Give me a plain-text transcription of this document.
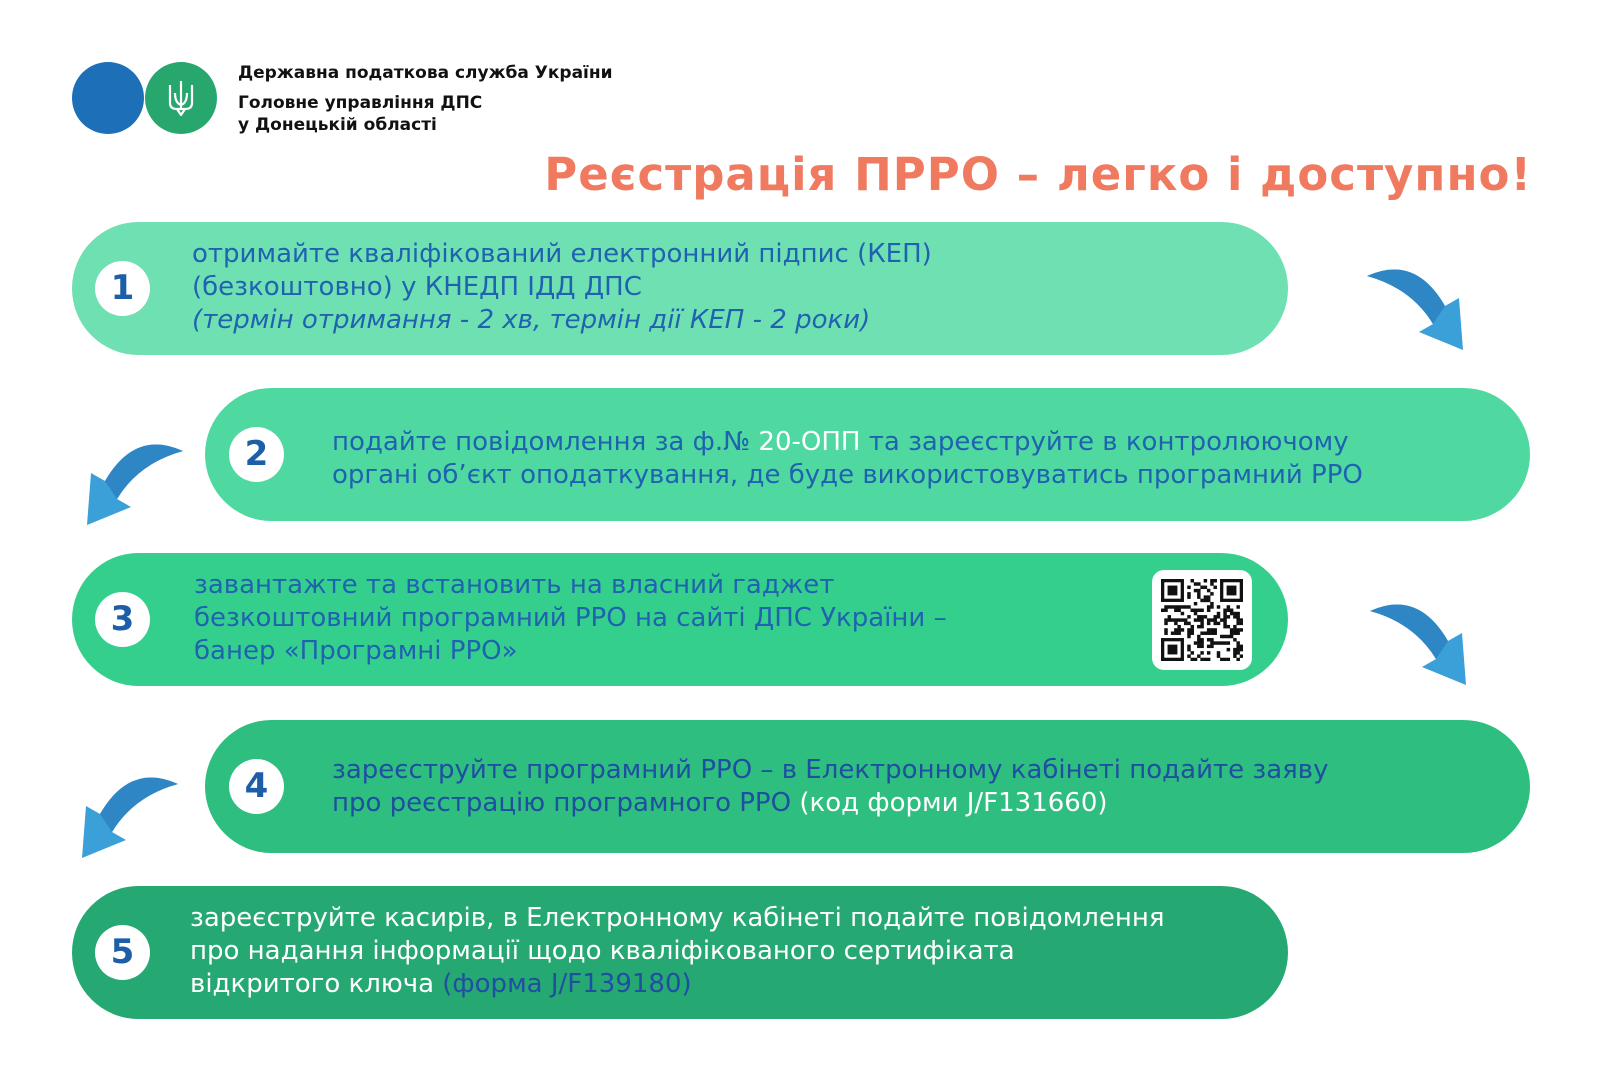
Державна податкова служба України
Головне управління ДПС
у Донецькій області
Реєстрація ПРРО – легко і доступно!
1
отримайте кваліфікований електронний підпис (КЕП)
(безкоштовно) у КНЕДП ІДД ДПС
(термін отримання - 2 хв, термін дії КЕП - 2 роки)
2	подайте повідомлення за ф.№ 20-ОПП та зареєструйте в контролюючому
органі об’єкт оподаткування, де буде використовуватись програмний РРО
3
завантажте та встановить на власний гаджет
безкоштовний програмний РРО на сайті ДПС України –
банер «Програмні РРО»
4	зареєструйте програмний РРО – в Електронному кабінеті подайте заяву
про реєстрацію програмного РРО (код форми J/F131660)
5
зареєструйте касирів, в Електронному кабінеті подайте повідомлення
про надання інформації щодо кваліфікованого сертифіката
відкритого ключа (форма J/F139180)
